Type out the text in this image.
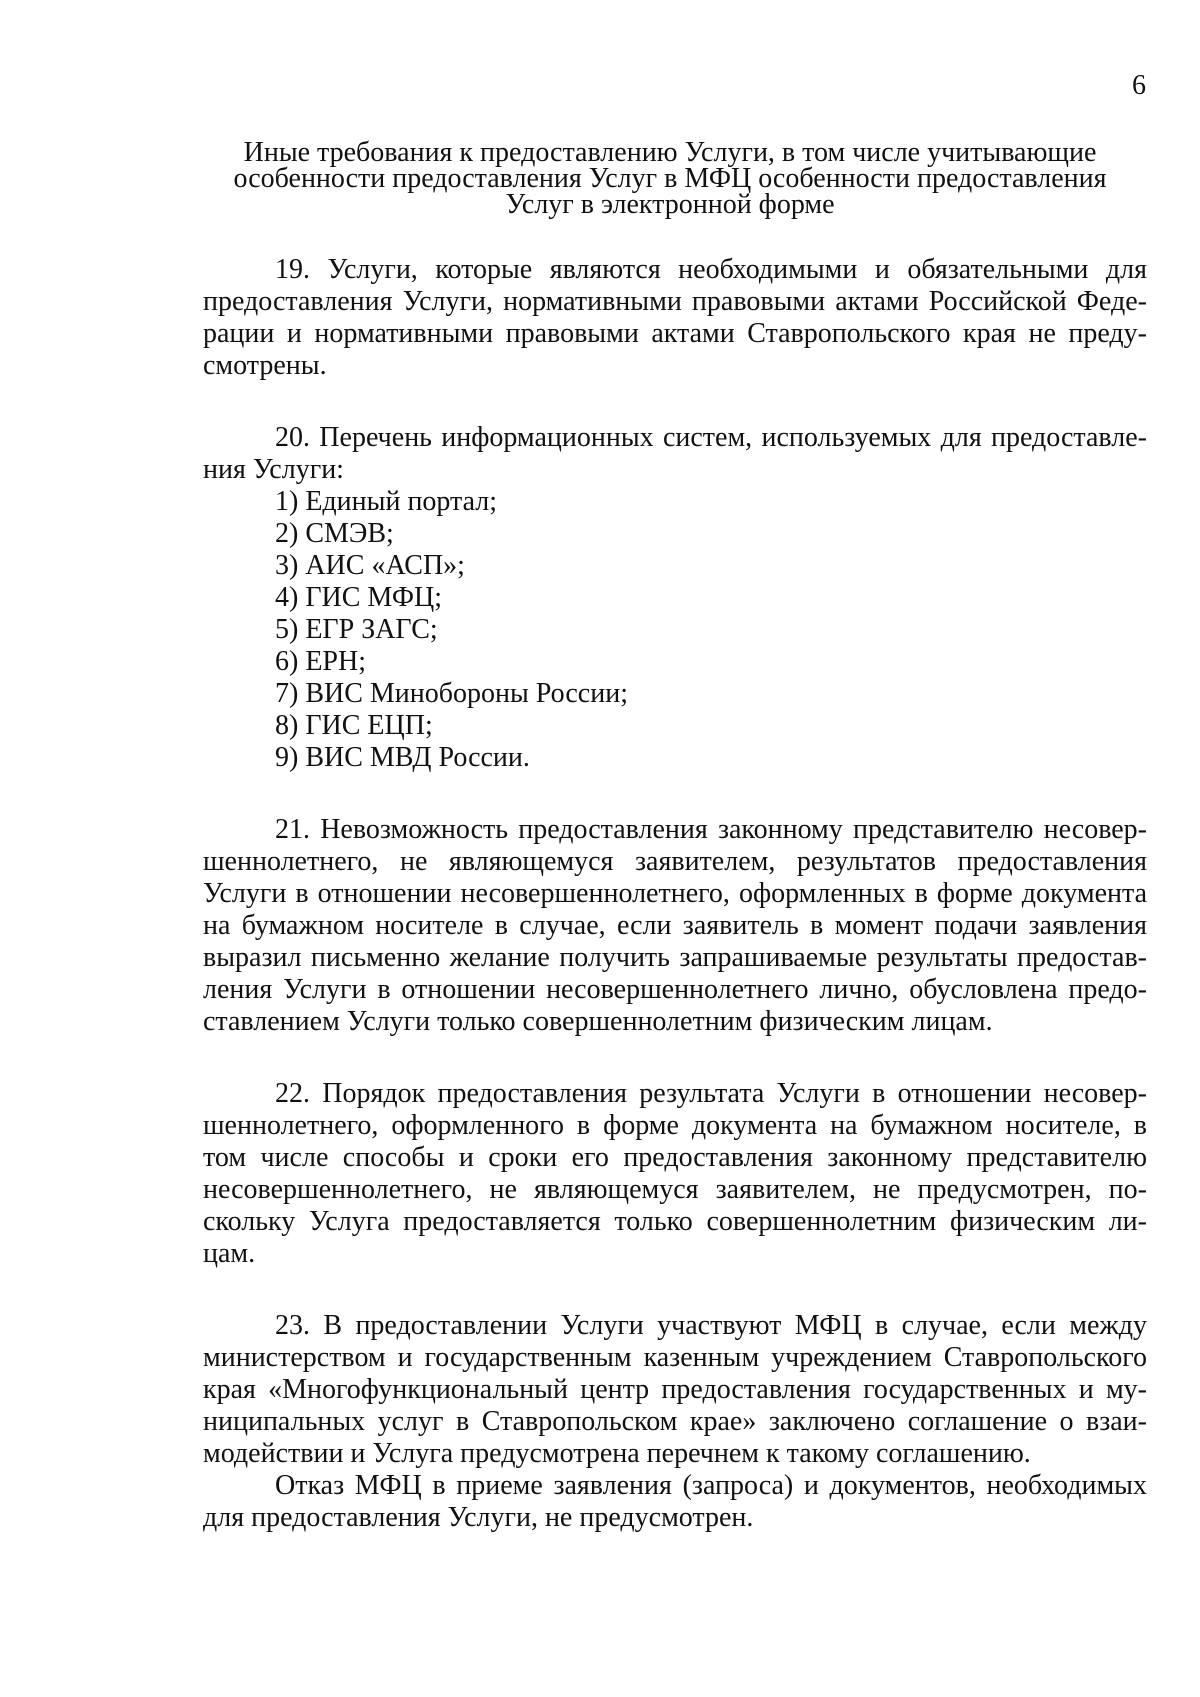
6
Иные требования к предоставлению Услуги, в том числе учитывающие
особенности предоставления Услуг в МФЦ особенности предоставления
Услуг в электронной форме

19. Услуги, которые являются необходимыми и обязательными для предоставления Услуги, нормативными правовыми актами Российской Федерации и нормативными правовыми актами Ставропольского края не предусмотрены.

20. Перечень информационных систем, используемых для предоставления Услуги:

1) Единый портал;

2) СМЭВ;

3) АИС «АСП»;

4) ГИС МФЦ;

5) ЕГР ЗАГС;

6) ЕРН;

7) ВИС Минобороны России;

8) ГИС ЕЦП;

9) ВИС МВД России.

21. Невозможность предоставления законному представителю несовершеннолетнего, не являющемуся заявителем, результатов предоставления Услуги в отношении несовершеннолетнего, оформленных в форме документа на бумажном носителе в случае, если заявитель в момент подачи заявления выразил письменно желание получить запрашиваемые результаты предоставления Услуги в отношении несовершеннолетнего лично, обусловлена предоставлением Услуги только совершеннолетним физическим лицам.

22. Порядок предоставления результата Услуги в отношении несовершеннолетнего, оформленного в форме документа на бумажном носителе, в том числе способы и сроки его предоставления законному представителю несовершеннолетнего, не являющемуся заявителем, не предусмотрен, поскольку Услуга предоставляется только совершеннолетним физическим лицам.

23. В предоставлении Услуги участвуют МФЦ в случае, если между министерством и государственным казенным учреждением Ставропольского края «Многофункциональный центр предоставления государственных и муниципальных услуг в Ставропольском крае» заключено соглашение о взаимодействии и Услуга предусмотрена перечнем к такому соглашению.

Отказ МФЦ в приеме заявления (запроса) и документов, необходимых для предоставления Услуги, не предусмотрен.
